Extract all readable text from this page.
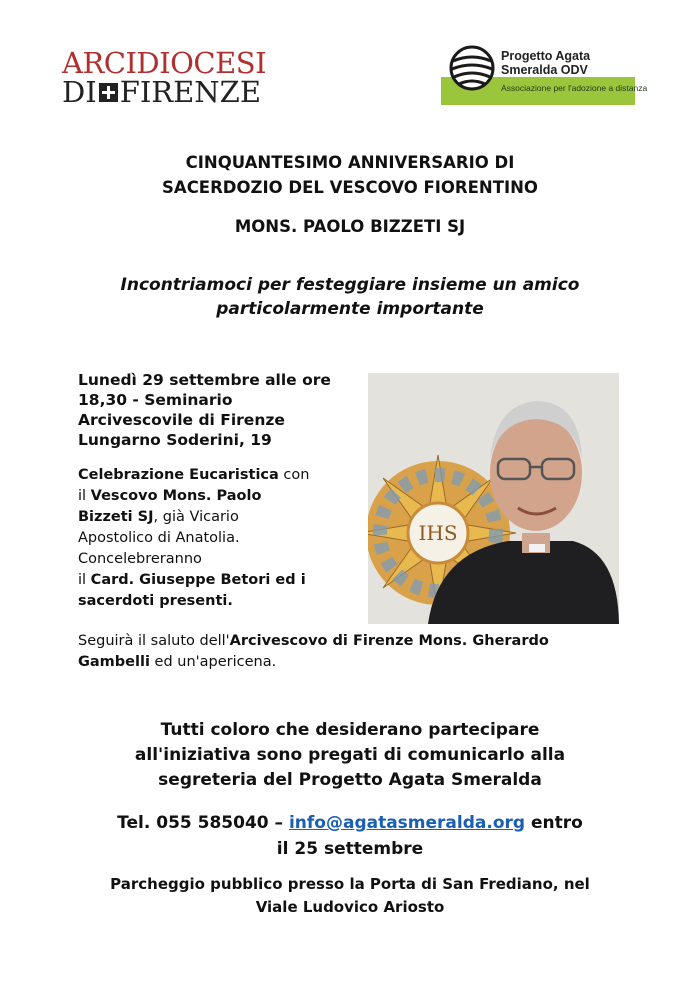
ARCIDIOCESI
DI FIRENZE
Progetto Agata
Smeralda ODV
Associazione per l'adozione a distanza
CINQUANTESIMO ANNIVERSARIO DI
SACERDOZIO DEL VESCOVO FIORENTINO
MONS. PAOLO BIZZETI SJ
Incontriamoci per festeggiare insieme un amico
particolarmente importante
Lunedì 29 settembre alle ore
18,30 - Seminario
Arcivescovile di Firenze
Lungarno Soderini, 19
Celebrazione Eucaristica con
il Vescovo Mons. Paolo
Bizzeti SJ, già Vicario
Apostolico di Anatolia.
Concelebreranno
il Card. Giuseppe Betori ed i
sacerdoti presenti.
Seguirà il saluto dell'Arcivescovo di Firenze Mons. Gherardo
Gambelli ed un'apericena.
IHS
Tutti coloro che desiderano partecipare
all'iniziativa sono pregati di comunicarlo alla
segreteria del Progetto Agata Smeralda
Tel. 055 585040 – info@agatasmeralda.org entro
il 25 settembre
Parcheggio pubblico presso la Porta di San Frediano, nel
Viale Ludovico Ariosto
